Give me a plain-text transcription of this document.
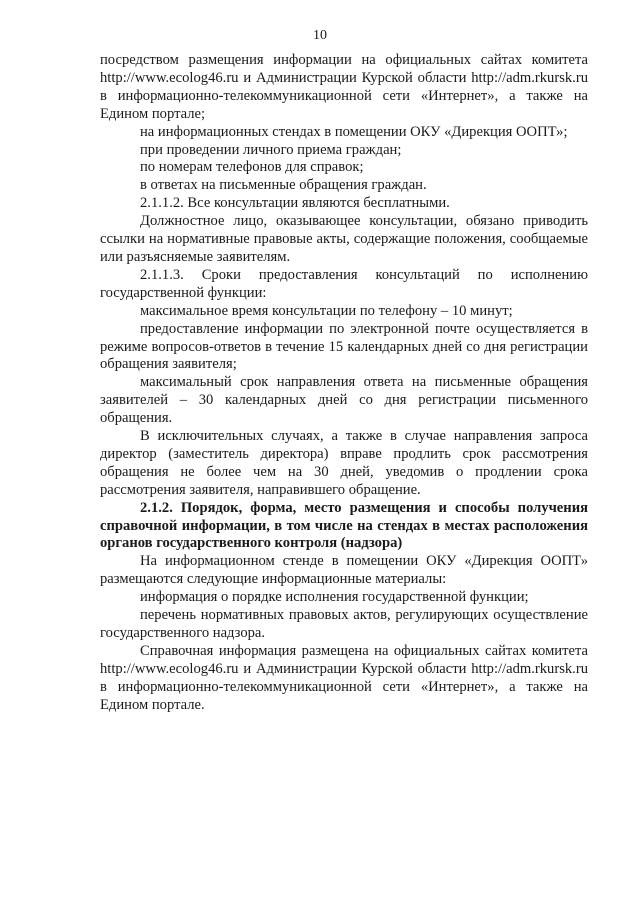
10

посредством размещения информации на официальных сайтах комитета http://www.ecolog46.ru и Администрации Курской области http://adm.rkursk.ru в информационно-телекоммуникационной сети «Интернет», а также на Едином портале;

на информационных стендах в помещении ОКУ «Дирекция ООПТ»;

при проведении личного приема граждан;

по номерам телефонов для справок;

в ответах на письменные обращения граждан.

2.1.1.2. Все консультации являются бесплатными.

Должностное лицо, оказывающее консультации, обязано приводить ссылки на нормативные правовые акты, содержащие положения, сообщаемые или разъясняемые заявителям.

2.1.1.3. Сроки предоставления консультаций по исполнению государственной функции:

максимальное время консультации по телефону – 10 минут;

предоставление информации по электронной почте осуществляется в режиме вопросов-ответов в течение 15 календарных дней со дня регистрации обращения заявителя;

максимальный срок направления ответа на письменные обращения заявителей – 30 календарных дней со дня регистрации письменного обращения.

В исключительных случаях, а также в случае направления запроса директор (заместитель директора) вправе продлить срок рассмотрения обращения не более чем на 30 дней, уведомив о продлении срока рассмотрения заявителя, направившего обращение.

2.1.2. Порядок, форма, место размещения и способы получения справочной информации, в том числе на стендах в местах расположения органов государственного контроля (надзора)

На информационном стенде в помещении ОКУ «Дирекция ООПТ» размещаются следующие информационные материалы:

информация о порядке исполнения государственной функции;

перечень нормативных правовых актов, регулирующих осуществление государственного надзора.

Справочная информация размещена на официальных сайтах комитета http://www.ecolog46.ru и Администрации Курской области http://adm.rkursk.ru в информационно-телекоммуникационной сети «Интернет», а также на Едином портале.
